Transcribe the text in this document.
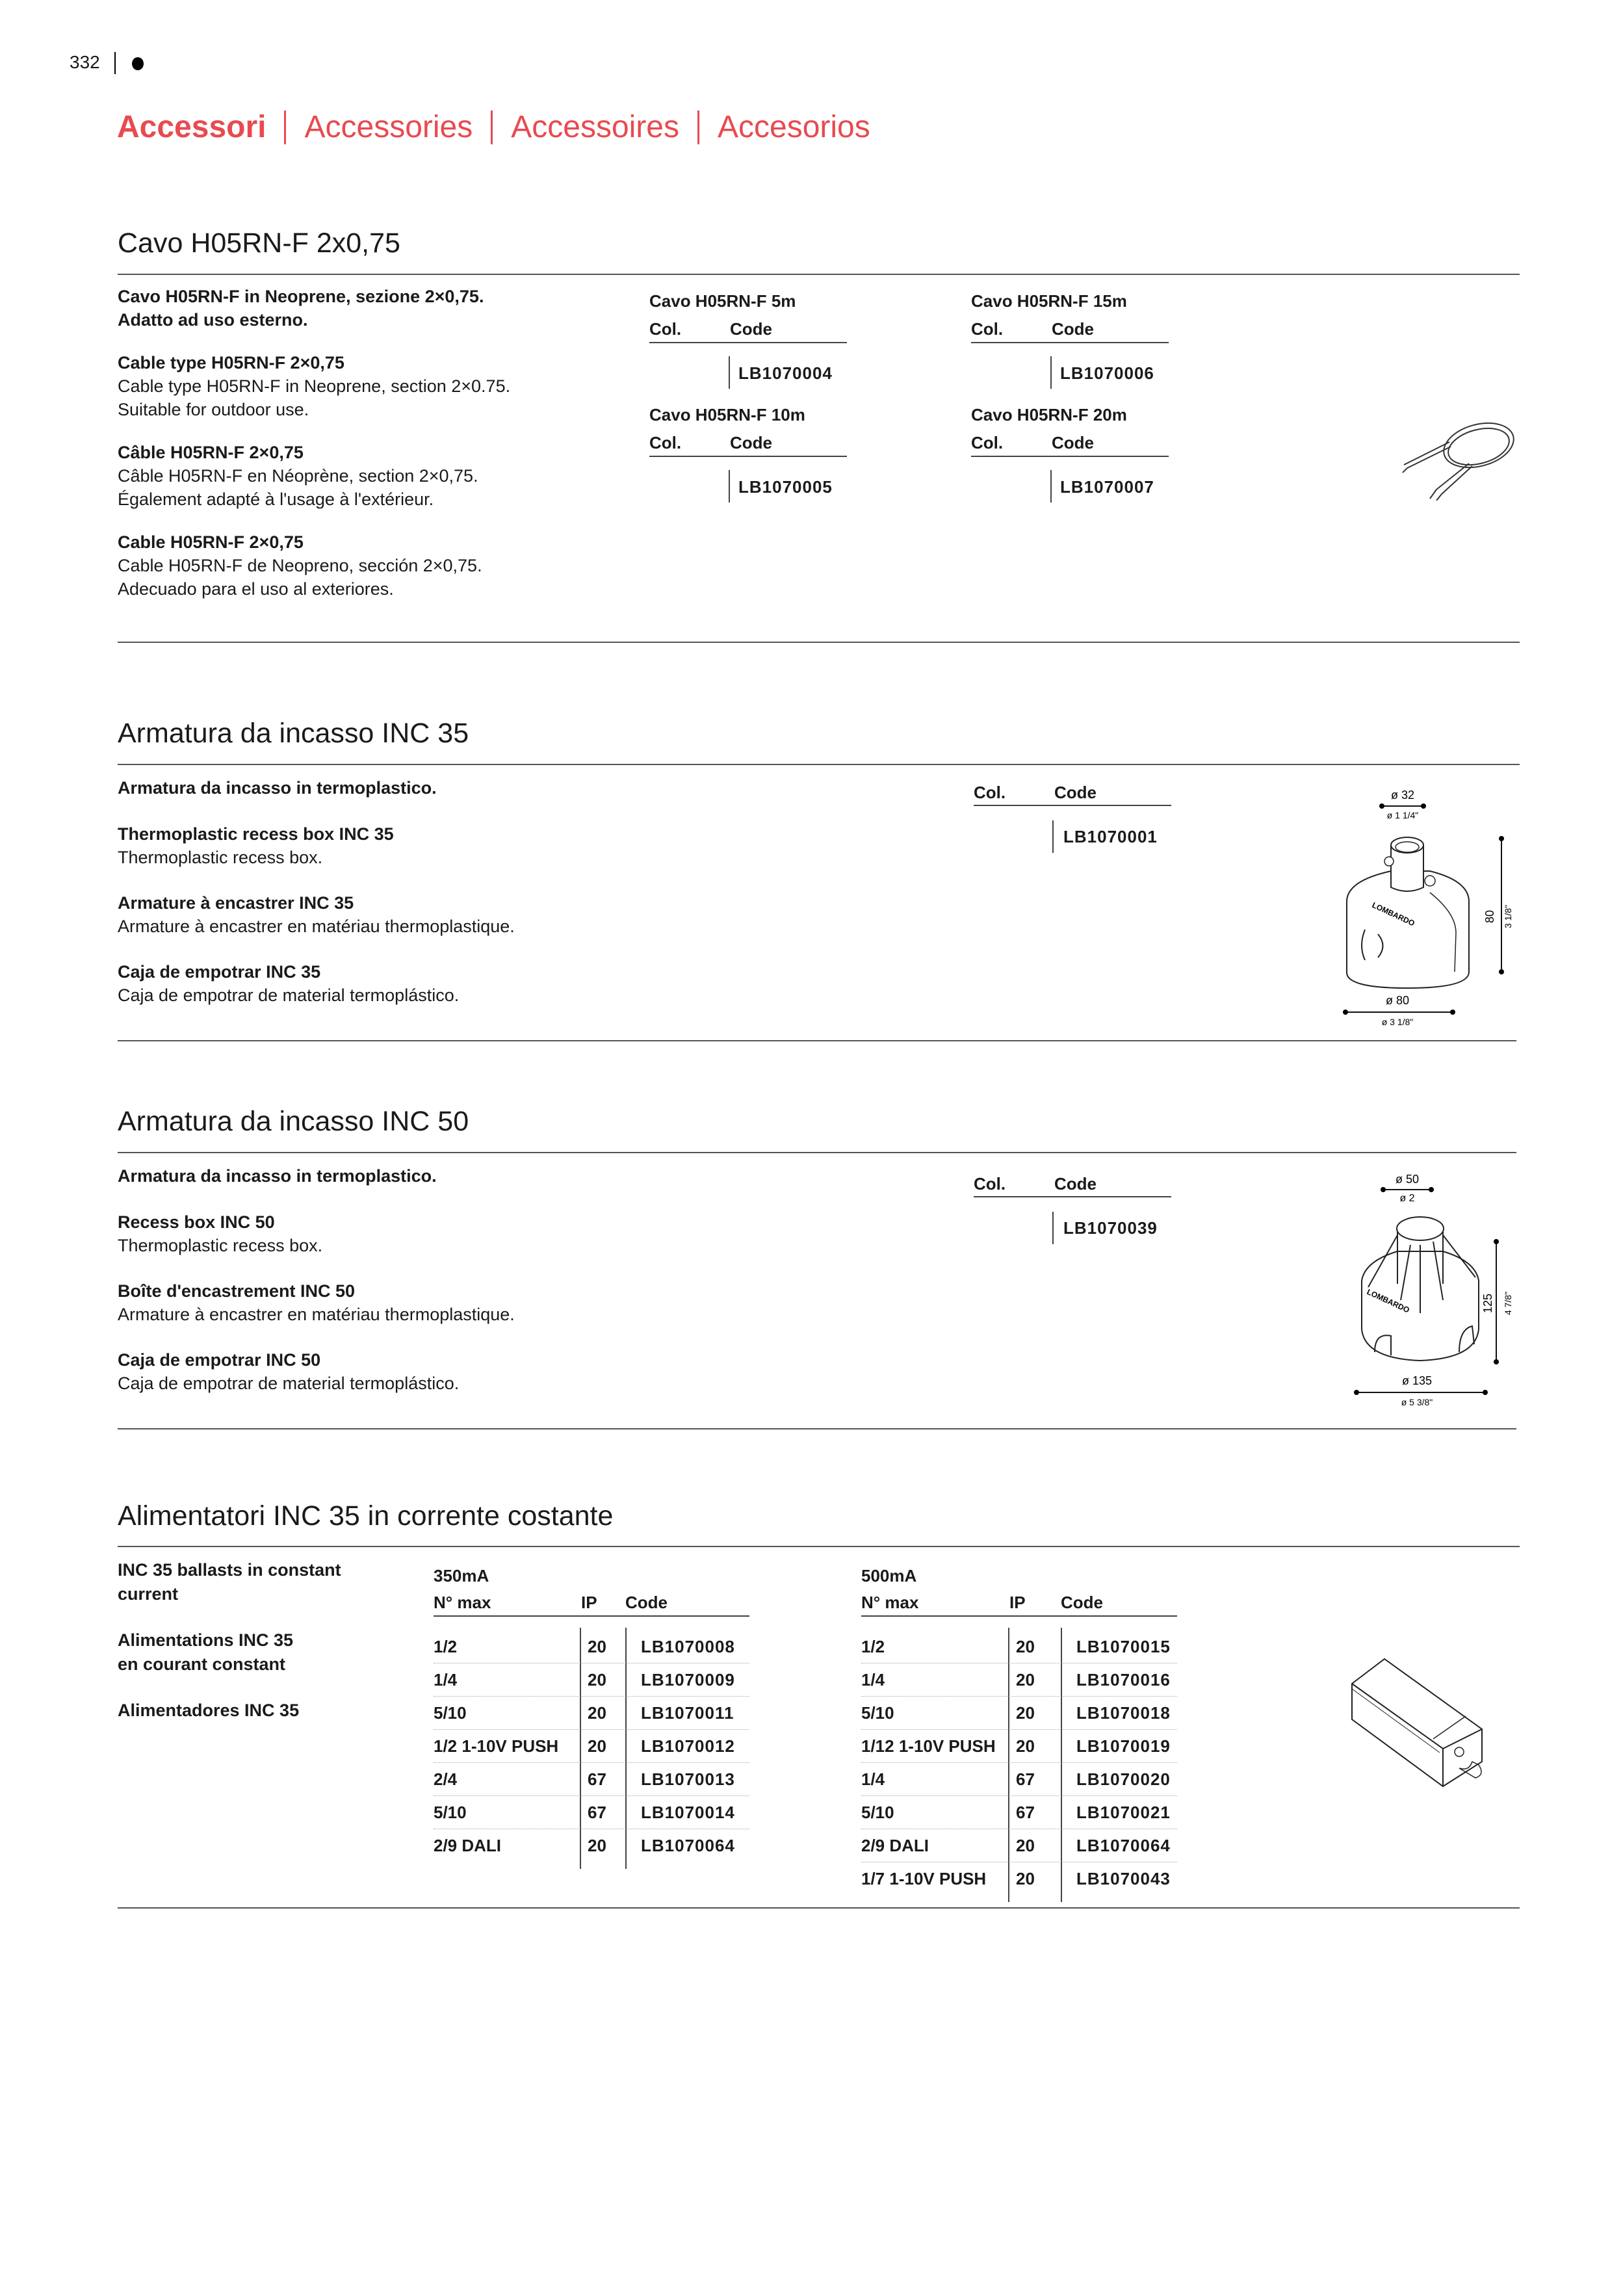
332
Accessori Accessories Accessoires Accesorios
Cavo H05RN-F 2x0,75

Cavo H05RN-F in Neoprene, sezione 2×0,75.
Adatto ad uso esterno.

Cable type H05RN-F 2×0,75
Cable type H05RN-F in Neoprene, section 2×0.75.
Suitable for outdoor use.

Câble H05RN-F 2×0,75
Câble H05RN-F en Néoprène, section 2×0,75.
Également adapté à l'usage à l'extérieur.

Cable H05RN-F 2×0,75
Cable H05RN-F de Neopreno, sección 2×0,75.
Adecuado para el uso al exteriores.

Cavo H05RN-F 5m
Col.	Code
LB1070004
Cavo H05RN-F 15m
Col.	Code
LB1070006
Cavo H05RN-F 10m
Col.	Code
LB1070005
Cavo H05RN-F 20m
Col.	Code
LB1070007
Armatura da incasso INC 35

Armatura da incasso in termoplastico.

Thermoplastic recess box INC 35
Thermoplastic recess box.

Armature à encastrer INC 35
Armature à encastrer en matériau thermoplastique.

Caja de empotrar INC 35
Caja de empotrar de material termoplástico.

Col.	Code
LB1070001
ø 32
ø 1 1/4"
LOMBARDO	80 3 1/8"
ø 80
ø 3 1/8"
Armatura da incasso INC 50

Armatura da incasso in termoplastico.

Recess box INC 50
Thermoplastic recess box.

Boîte d'encastrement INC 50
Armature à encastrer en matériau thermoplastique.

Caja de empotrar INC 50
Caja de empotrar de material termoplástico.

Col.	Code
LB1070039
ø 50
ø 2
LOMBARDO	125 4 7/8"
ø 135
ø 5 3/8"
Alimentatori INC 35 in corrente costante

INC 35 ballasts in constant
current

Alimentations INC 35
en courant constant

Alimentadores INC 35

350mA
N° max	IP Code
1/2	20 LB1070008
1/4	20 LB1070009
5/10	20 LB1070011
1/2 1-10V PUSH 20 LB1070012
2/4	67 LB1070013
5/10	67 LB1070014
2/9 DALI	20 LB1070064
500mA
N° max	IP Code
1/2	20 LB1070015
1/4	20 LB1070016
5/10	20 LB1070018
1/12 1-10V PUSH 20 LB1070019
1/4	67 LB1070020
5/10	67 LB1070021
2/9 DALI	20 LB1070064
1/7 1-10V PUSH 20 LB1070043
